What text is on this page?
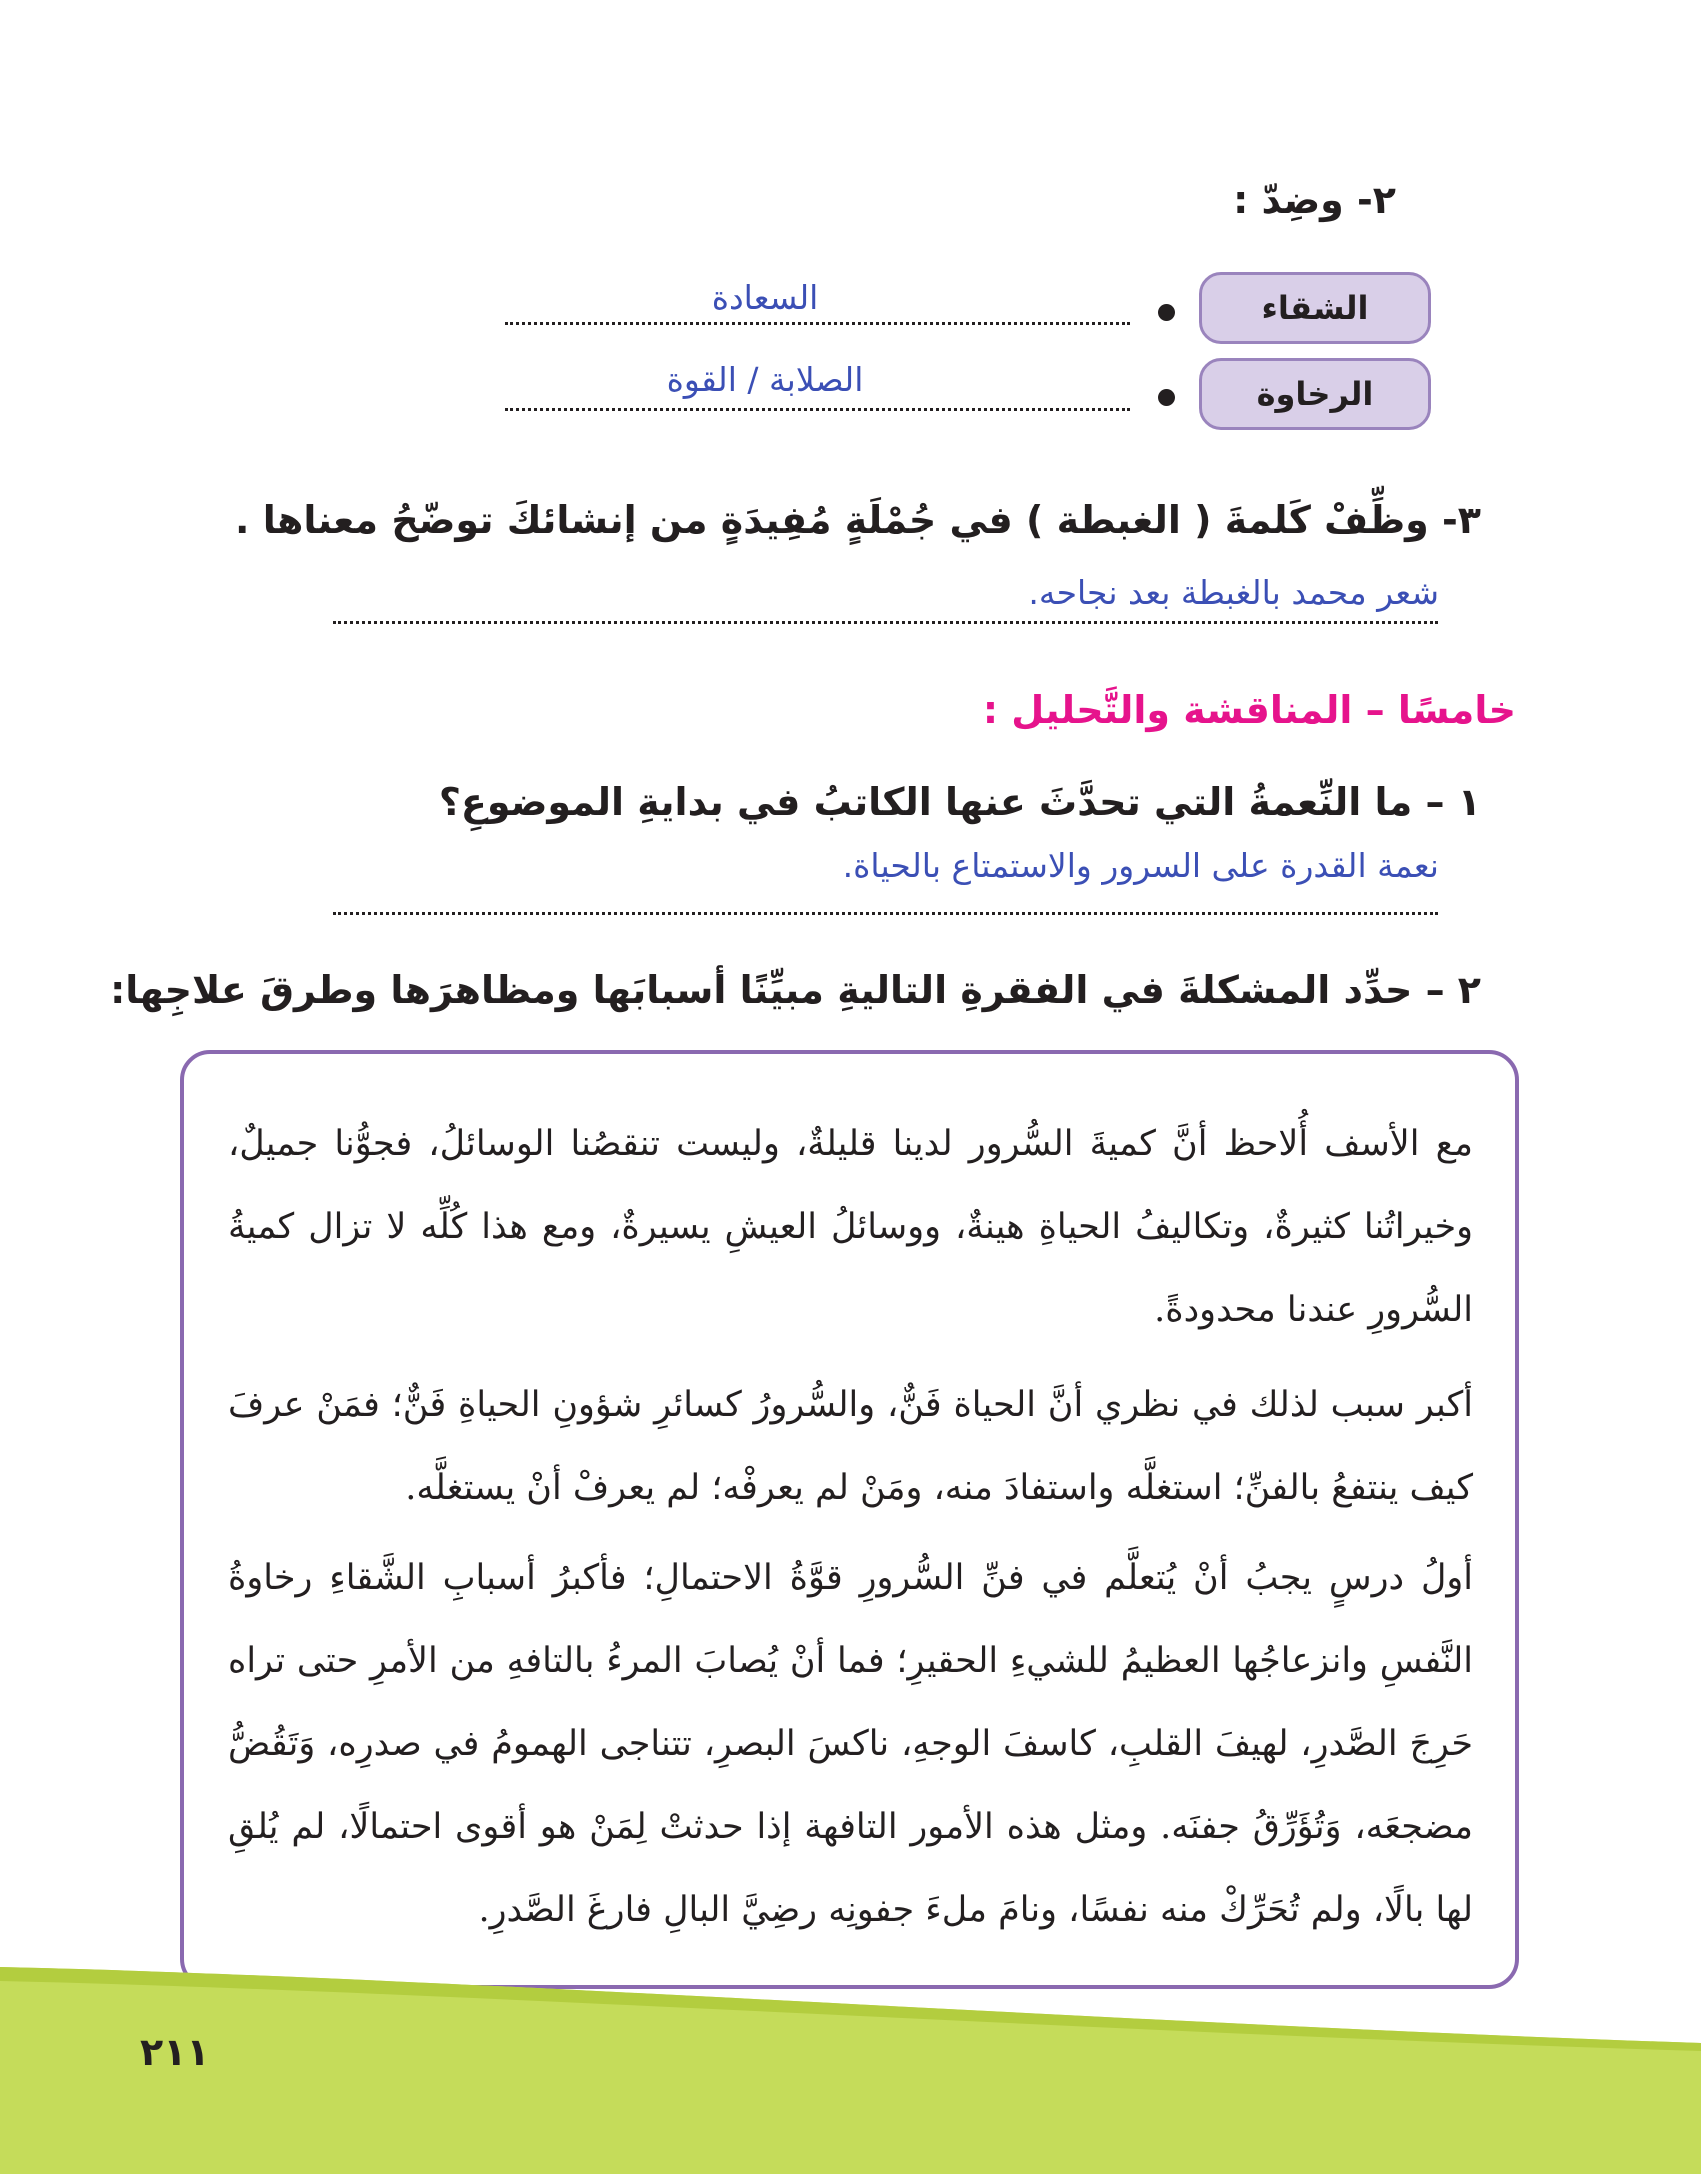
٢- وضِدّ :
الشقاء
السعادة
الرخاوة
الصلابة / القوة
٣- وظِّفْ كَلمةَ ( الغبطة ) في جُمْلَةٍ مُفِيدَةٍ من إنشائكَ توضّحُ معناها .
شعر محمد بالغبطة بعد نجاحه.
خامسًا – المناقشة والتَّحليل :
١ – ما النِّعمةُ التي تحدَّثَ عنها الكاتبُ في بدايةِ الموضوعِ؟
نعمة القدرة على السرور والاستمتاع بالحياة.
٢ – حدِّد المشكلةَ في الفقرةِ التاليةِ مبيِّنًا أسبابَها ومظاهرَها وطرقَ علاجِها:
مع الأسف أُلاحظ أنَّ كميةَ السُّرور لدينا قليلةٌ، وليست تنقصُنا الوسائلُ، فجوُّنا جميلٌ، وخيراتُنا كثيرةٌ، وتكاليفُ الحياةِ هينةٌ، ووسائلُ العيشِ يسيرةٌ، ومع هذا كُلِّه لا تزال كميةُ السُّرورِ عندنا محدودةً.
أكبر سبب لذلك في نظري أنَّ الحياة فَنٌّ، والسُّرورُ كسائرِ شؤونِ الحياةِ فَنٌّ؛ فمَنْ عرفَ كيف ينتفعُ بالفنِّ؛ استغلَّه واستفادَ منه، ومَنْ لم يعرفْه؛ لم يعرفْ أنْ يستغلَّه.
أولُ درسٍ يجبُ أنْ يُتعلَّم في فنِّ السُّرورِ قوَّةُ الاحتمالِ؛ فأكبرُ أسبابِ الشَّقاءِ رخاوةُ النَّفسِ وانزعاجُها العظيمُ للشيءِ الحقيرِ؛ فما أنْ يُصابَ المرءُ بالتافهِ من الأمرِ حتى تراه حَرِجَ الصَّدرِ، لهيفَ القلبِ، كاسفَ الوجهِ، ناكسَ البصرِ، تتناجى الهمومُ في صدرِه، وَتَقُضُّ مضجعَه، وَتُؤَرِّقُ جفنَه. ومثل هذه الأمور التافهة إذا حدثتْ لِمَنْ هو أقوى احتمالًا، لم يُلقِ لها بالًا، ولم تُحَرِّكْ منه نفسًا، ونامَ ملءَ جفونِه رضِيَّ البالِ فارغَ الصَّدرِ.
٢١١
